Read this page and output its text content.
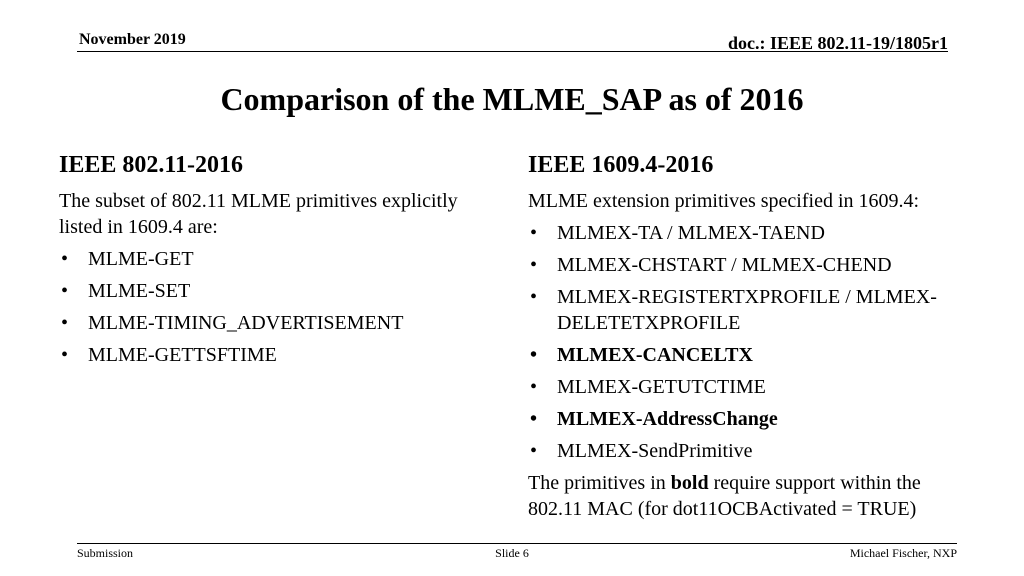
November 2019	doc.: IEEE 802.11-19/1805r1
Comparison of the MLME_SAP as of 2016
IEEE 802.11-2016

The subset of 802.11 MLME primitives explicitly listed in 1609.4 are:

• MLME-GET
• MLME-SET
• MLME-TIMING_ADVERTISEMENT
• MLME-GETTSFTIME
IEEE 1609.4-2016

MLME extension primitives specified in 1609.4:

• MLMEX-TA / MLMEX-TAEND
• MLMEX-CHSTART / MLMEX-CHEND
• MLMEX-REGISTERTXPROFILE / MLMEX-DELETETXPROFILE
• MLMEX-CANCELTX
• MLMEX-GETUTCTIME
• MLMEX-AddressChange
• MLMEX-SendPrimitive

The primitives in bold require support within the 802.11 MAC (for dot11OCBActivated = TRUE)

Submission	Slide 6	Michael Fischer, NXP
